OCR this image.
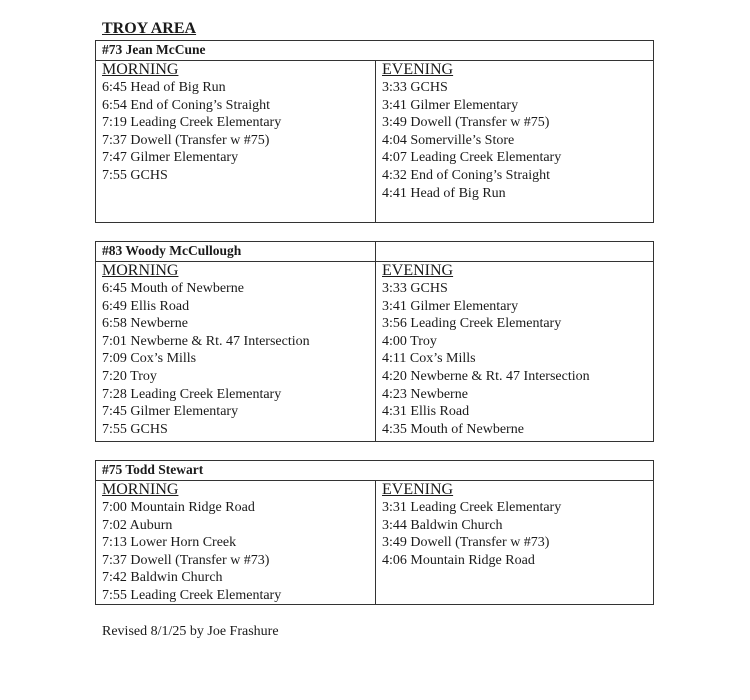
TROY AREA
#73 Jean McCune
MORNING
6:45 Head of Big Run
6:54 End of Coning’s Straight
7:19 Leading Creek Elementary
7:37 Dowell (Transfer w #75)
7:47 Gilmer Elementary
7:55 GCHS
EVENING
3:33 GCHS
3:41 Gilmer Elementary
3:49 Dowell (Transfer w #75)
4:04 Somerville’s Store
4:07 Leading Creek Elementary
4:32 End of Coning’s Straight
4:41 Head of Big Run
#83 Woody McCullough
MORNING
6:45 Mouth of Newberne
6:49 Ellis Road
6:58 Newberne
7:01 Newberne & Rt. 47 Intersection
7:09 Cox’s Mills
7:20 Troy
7:28 Leading Creek Elementary
7:45 Gilmer Elementary
7:55 GCHS
EVENING
3:33 GCHS
3:41 Gilmer Elementary
3:56 Leading Creek Elementary
4:00 Troy
4:11 Cox’s Mills
4:20 Newberne & Rt. 47 Intersection
4:23 Newberne
4:31 Ellis Road
4:35 Mouth of Newberne
#75 Todd Stewart
MORNING
7:00 Mountain Ridge Road
7:02 Auburn
7:13 Lower Horn Creek
7:37 Dowell (Transfer w #73)
7:42 Baldwin Church
7:55 Leading Creek Elementary
EVENING
3:31 Leading Creek Elementary
3:44 Baldwin Church
3:49 Dowell (Transfer w #73)
4:06 Mountain Ridge Road
Revised 8/1/25 by Joe Frashure
